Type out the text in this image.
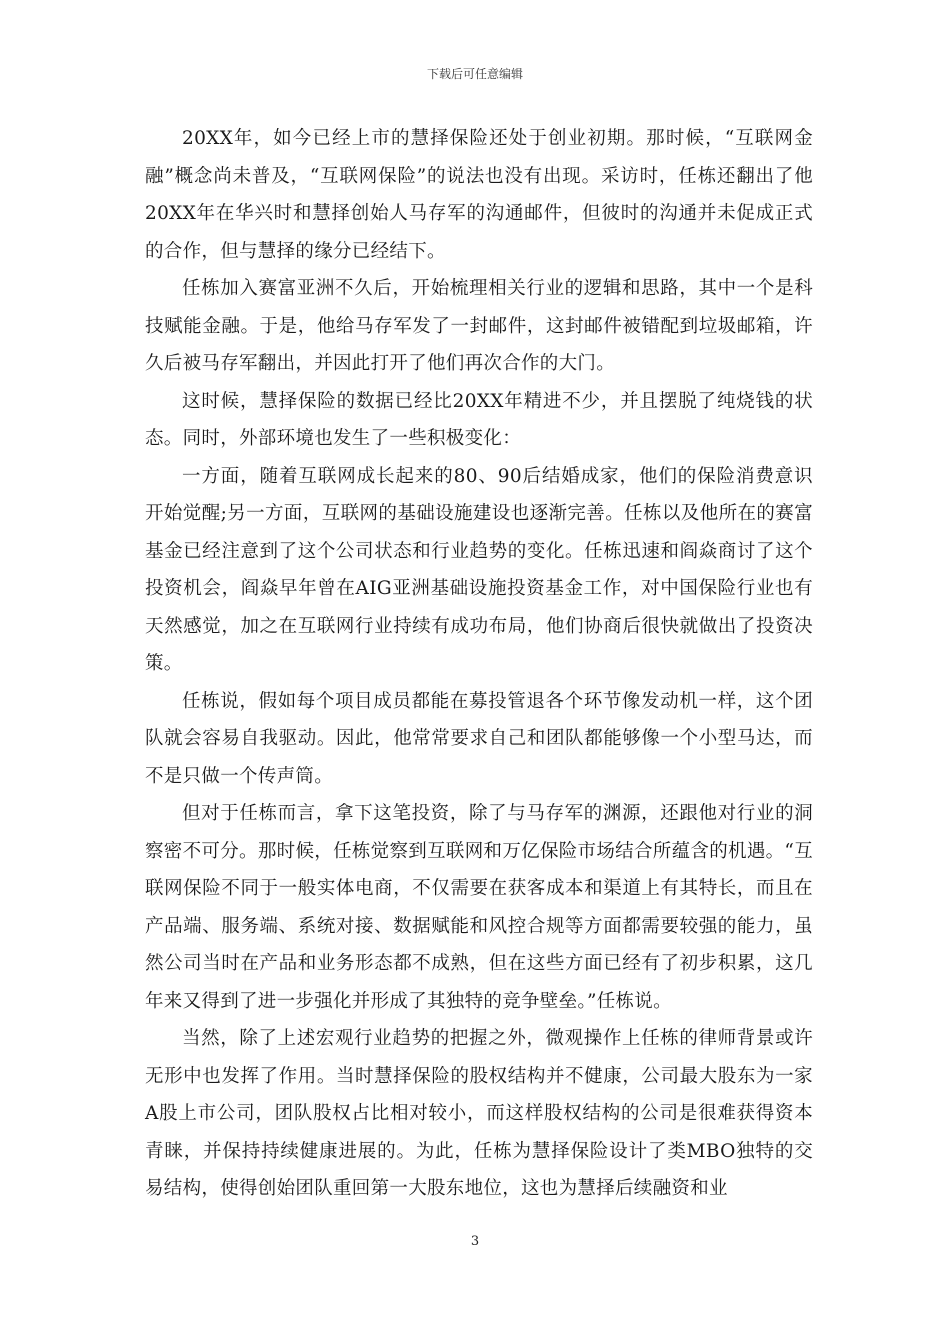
下载后可任意编辑

20XX年，如今已经上市的慧择保险还处于创业初期。那时候，“互联网金融”概念尚未普及，“互联网保险”的说法也没有出现。采访时，任栋还翻出了他20XX年在华兴时和慧择创始人马存军的沟通邮件，但彼时的沟通并未促成正式的合作，但与慧择的缘分已经结下。

任栋加入赛富亚洲不久后，开始梳理相关行业的逻辑和思路，其中一个是科技赋能金融。于是，他给马存军发了一封邮件，这封邮件被错配到垃圾邮箱，许久后被马存军翻出，并因此打开了他们再次合作的大门。

这时候，慧择保险的数据已经比20XX年精进不少，并且摆脱了纯烧钱的状态。同时，外部环境也发生了一些积极变化：

一方面，随着互联网成长起来的80、90后结婚成家，他们的保险消费意识开始觉醒;另一方面，互联网的基础设施建设也逐渐完善。任栋以及他所在的赛富基金已经注意到了这个公司状态和行业趋势的变化。任栋迅速和阎焱商讨了这个投资机会，阎焱早年曾在AIG亚洲基础设施投资基金工作，对中国保险行业也有天然感觉，加之在互联网行业持续有成功布局，他们协商后很快就做出了投资决策。

任栋说，假如每个项目成员都能在募投管退各个环节像发动机一样，这个团队就会容易自我驱动。因此，他常常要求自己和团队都能够像一个小型马达，而不是只做一个传声筒。

但对于任栋而言，拿下这笔投资，除了与马存军的渊源，还跟他对行业的洞察密不可分。那时候，任栋觉察到互联网和万亿保险市场结合所蕴含的机遇。“互联网保险不同于一般实体电商，不仅需要在获客成本和渠道上有其特长，而且在产品端、服务端、系统对接、数据赋能和风控合规等方面都需要较强的能力，虽然公司当时在产品和业务形态都不成熟，但在这些方面已经有了初步积累，这几年来又得到了进一步强化并形成了其独特的竞争壁垒。”任栋说。

当然，除了上述宏观行业趋势的把握之外，微观操作上任栋的律师背景或许无形中也发挥了作用。当时慧择保险的股权结构并不健康，公司最大股东为一家A股上市公司，团队股权占比相对较小，而这样股权结构的公司是很难获得资本青睐，并保持持续健康进展的。为此，任栋为慧择保险设计了类MBO独特的交易结构，使得创始团队重回第一大股东地位，这也为慧择后续融资和业

3
